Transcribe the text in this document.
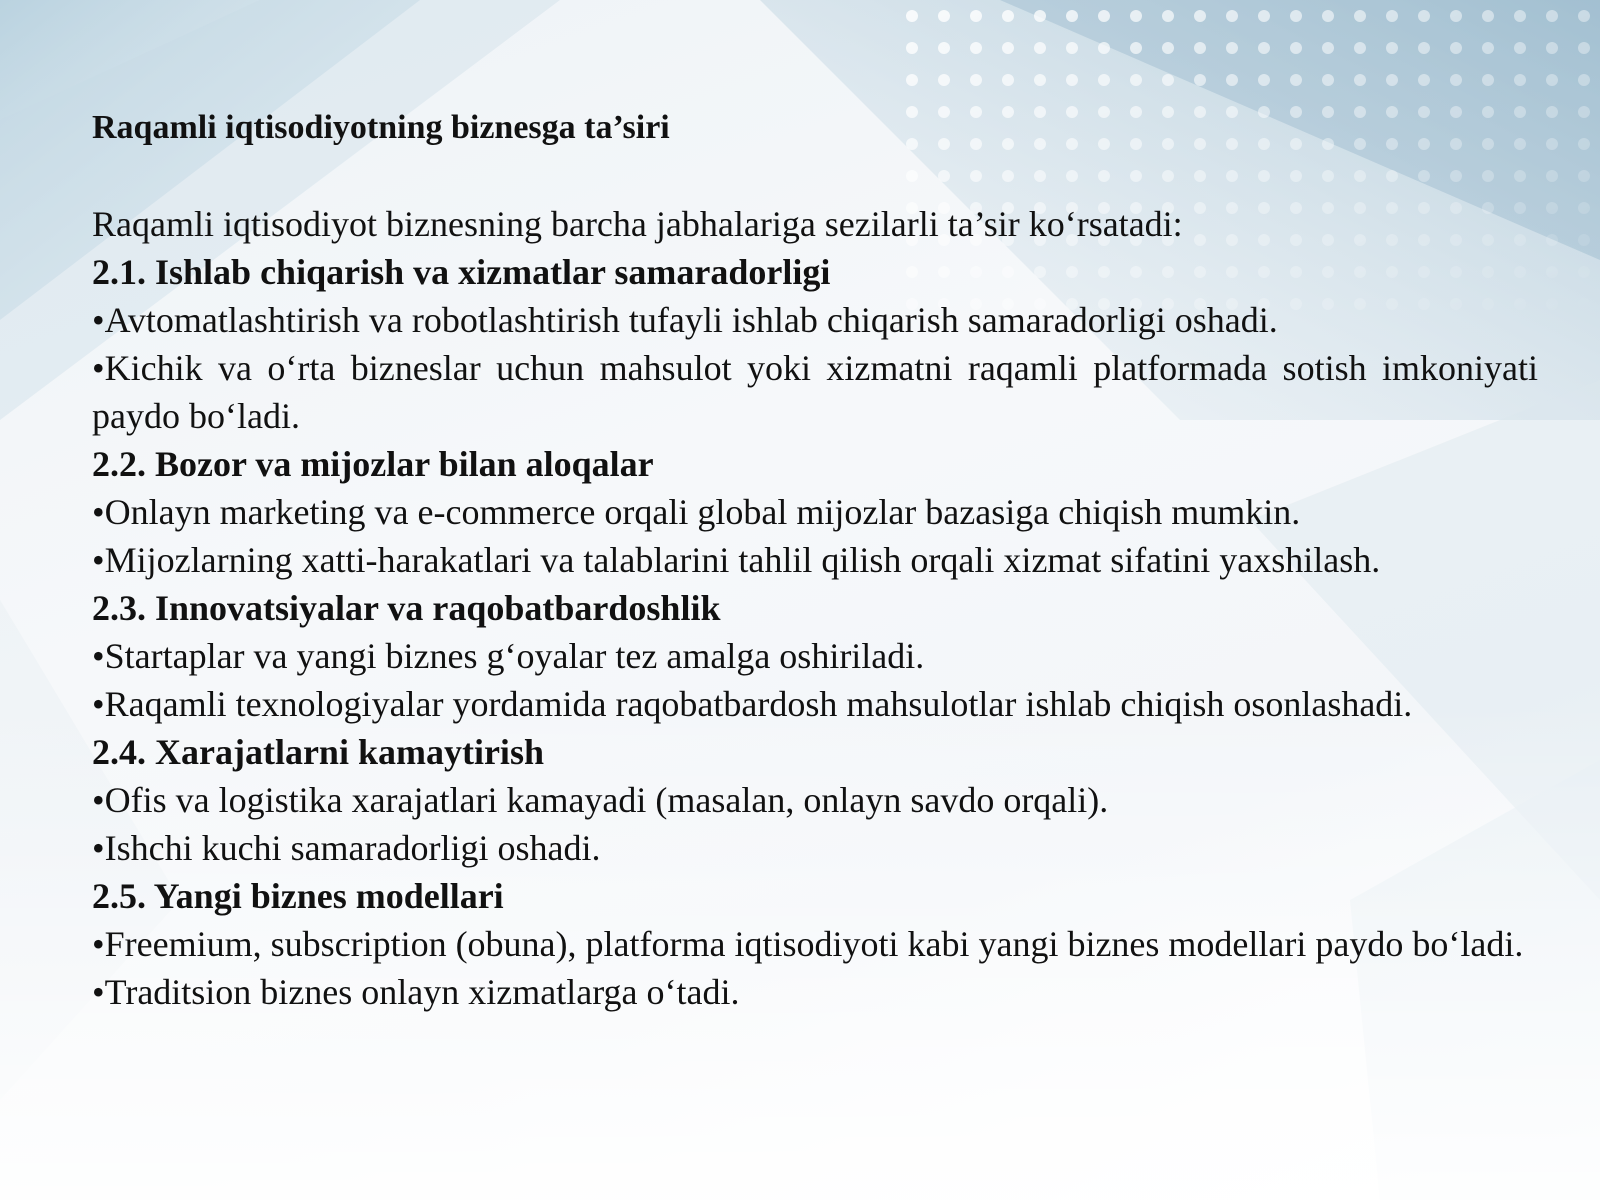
Raqamli iqtisodiyotning biznesga ta’siri

Raqamli iqtisodiyot biznesning barcha jabhalariga sezilarli ta’sir ko‘rsatadi:

2.1. Ishlab chiqarish va xizmatlar samaradorligi

•Avtomatlashtirish va robotlashtirish tufayli ishlab chiqarish samaradorligi oshadi.

•Kichik va o‘rta bizneslar uchun mahsulot yoki xizmatni raqamli platformada sotish imkoniyati paydo bo‘ladi.

2.2. Bozor va mijozlar bilan aloqalar

•Onlayn marketing va e-commerce orqali global mijozlar bazasiga chiqish mumkin.

•Mijozlarning xatti-harakatlari va talablarini tahlil qilish orqali xizmat sifatini yaxshilash.

2.3. Innovatsiyalar va raqobatbardoshlik

•Startaplar va yangi biznes g‘oyalar tez amalga oshiriladi.

•Raqamli texnologiyalar yordamida raqobatbardosh mahsulotlar ishlab chiqish osonlashadi.

2.4. Xarajatlarni kamaytirish

•Ofis va logistika xarajatlari kamayadi (masalan, onlayn savdo orqali).

•Ishchi kuchi samaradorligi oshadi.

2.5. Yangi biznes modellari

•Freemium, subscription (obuna), platforma iqtisodiyoti kabi yangi biznes modellari paydo bo‘ladi.

•Traditsion biznes onlayn xizmatlarga o‘tadi.
